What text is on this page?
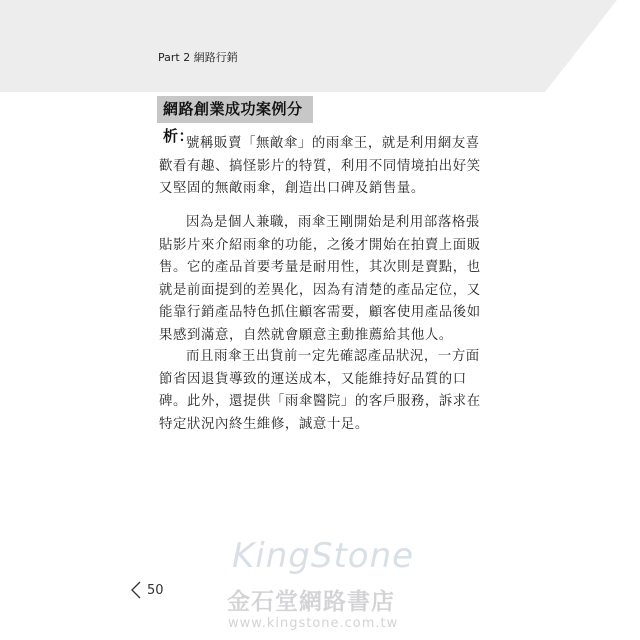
Part 2 網路行銷
網路創業成功案例分析：

號稱販賣「無敵傘」的雨傘王，就是利用網友喜歡看有趣、搞怪影片的特質，利用不同情境拍出好笑又堅固的無敵雨傘，創造出口碑及銷售量。

因為是個人兼職，雨傘王剛開始是利用部落格張貼影片來介紹雨傘的功能，之後才開始在拍賣上面販售。它的產品首要考量是耐用性，其次則是賣點，也就是前面提到的差異化，因為有清楚的產品定位，又能靠行銷產品特色抓住顧客需要，顧客使用產品後如果感到滿意，自然就會願意主動推薦給其他人。

而且雨傘王出貨前一定先確認產品狀況，一方面節省因退貨導致的運送成本，又能維持好品質的口碑。此外，還提供「雨傘醫院」的客戶服務，訴求在特定狀況內終生維修，誠意十足。

50
KingStone
金石堂網路書店
www.kingstone.com.tw
